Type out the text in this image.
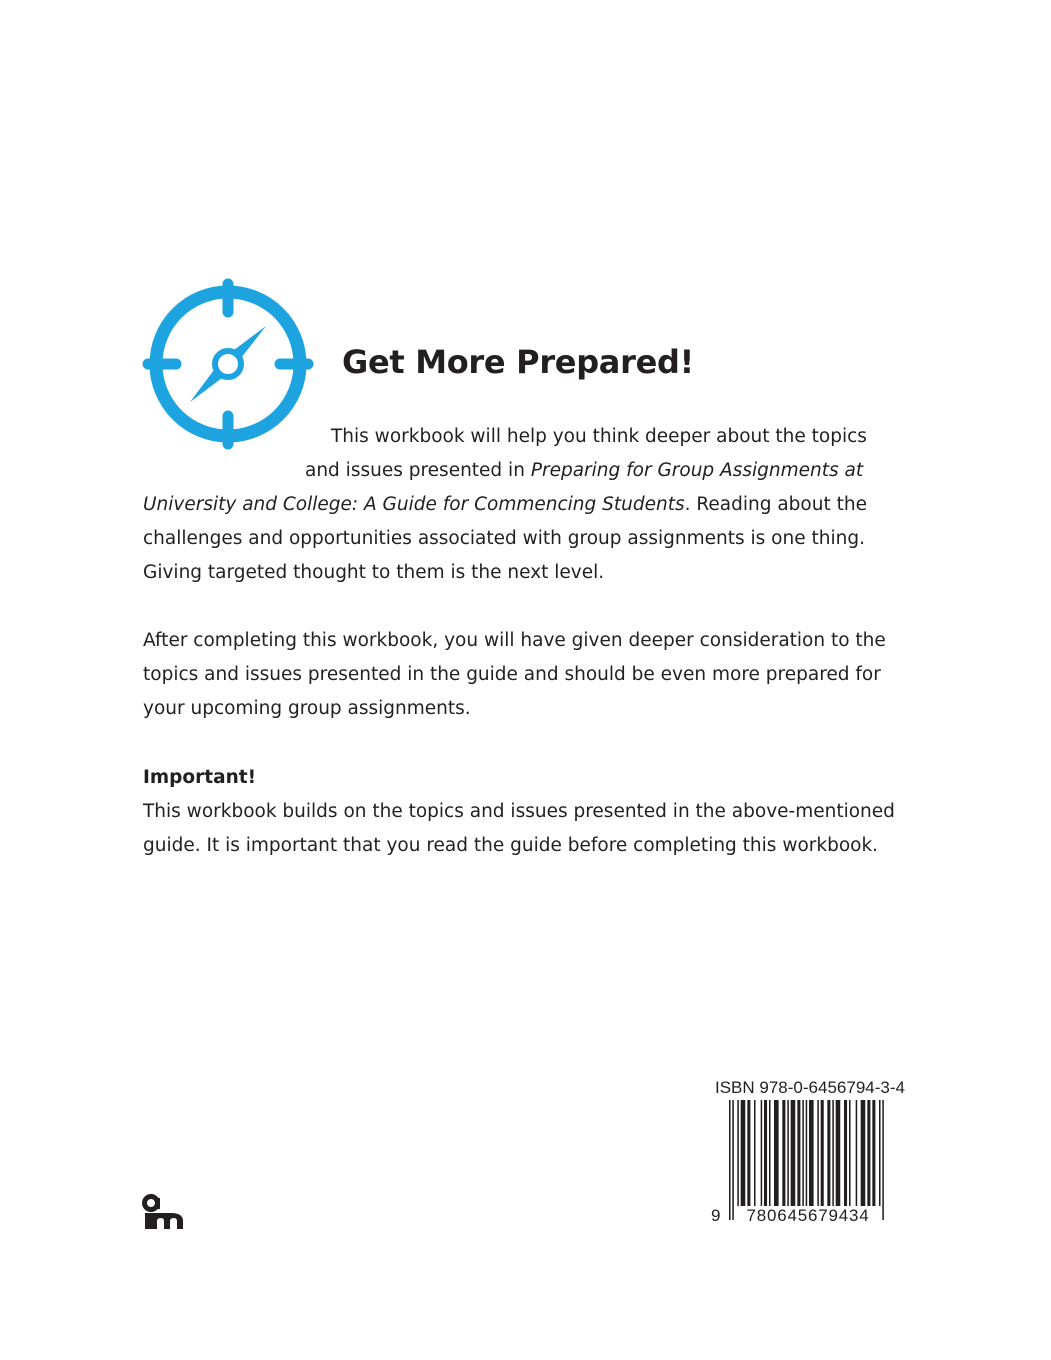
Get More Prepared!
This workbook will help you think deeper about the topics
and issues presented in Preparing for Group Assignments at
University and College: A Guide for Commencing Students. Reading about the
challenges and opportunities associated with group assignments is one thing.
Giving targeted thought to them is the next level.

After completing this workbook, you will have given deeper consideration to the

topics and issues presented in the guide and should be even more prepared for

your upcoming group assignments.

Important!

This workbook builds on the topics and issues presented in the above-mentioned

guide. It is important that you read the guide before completing this workbook.

ISBN 978-0-6456794-3-4
9	780645679434
